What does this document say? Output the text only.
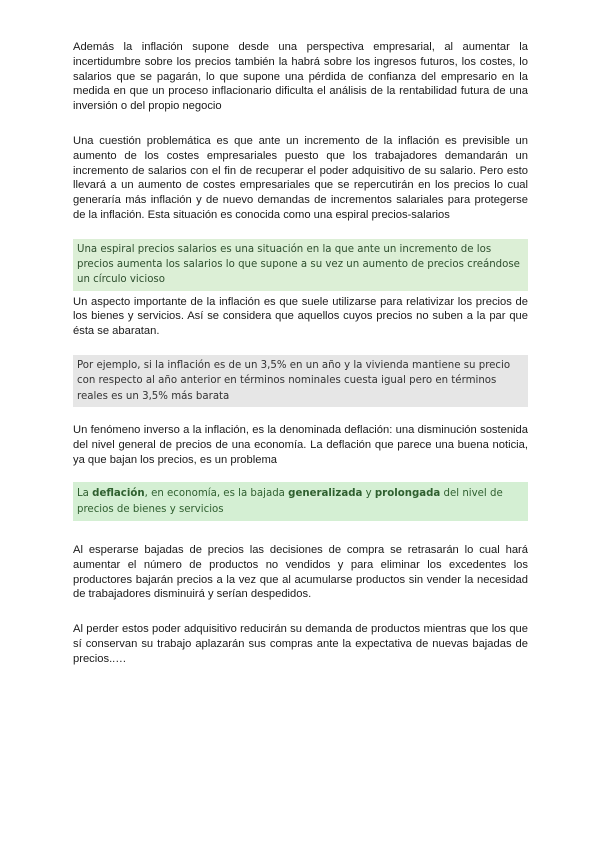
Además la inflación supone desde una perspectiva empresarial, al aumentar la incertidumbre sobre los precios también la habrá sobre los ingresos futuros, los costes, lo salarios que se pagarán, lo que supone una pérdida de confianza del empresario en la medida en que un proceso inflacionario dificulta el análisis de la rentabilidad futura de una inversión o del propio negocio

Una cuestión problemática es que ante un incremento de la inflación es previsible un aumento de los costes empresariales puesto que los trabajadores demandarán un incremento de salarios con el fin de recuperar el poder adquisitivo de su salario. Pero esto llevará a un aumento de costes empresariales que se repercutirán en los precios lo cual generaría más inflación y de nuevo demandas de incrementos salariales para protegerse de la inflación. Esta situación es conocida como una espiral precios-salarios

Una espiral precios salarios es una situación en la que ante un incremento de los precios aumenta los salarios lo que supone a su vez un aumento de precios creándose un círculo vicioso

Un aspecto importante de la inflación es que suele utilizarse para relativizar los precios de los bienes y servicios. Así se considera que aquellos cuyos precios no suben a la par que ésta se abaratan.

Por ejemplo, si la inflación es de un 3,5% en un año y la vivienda mantiene su precio con respecto al año anterior en términos nominales cuesta igual pero en términos reales es un 3,5% más barata

Un fenómeno inverso a la inflación, es la denominada deflación: una disminución sostenida del nivel general de precios de una economía. La deflación que parece una buena noticia, ya que bajan los precios, es un problema

La deflación, en economía, es la bajada generalizada y prolongada del nivel de precios de bienes y servicios

Al esperarse bajadas de precios las decisiones de compra se retrasarán lo cual hará aumentar el número de productos no vendidos y para eliminar los excedentes los productores bajarán precios a la vez que al acumularse productos sin vender la necesidad de trabajadores disminuirá y serían despedidos.

Al perder estos poder adquisitivo reducirán su demanda de productos mientras que los que sí conservan su trabajo aplazarán sus compras ante la expectativa de nuevas bajadas de precios..…
